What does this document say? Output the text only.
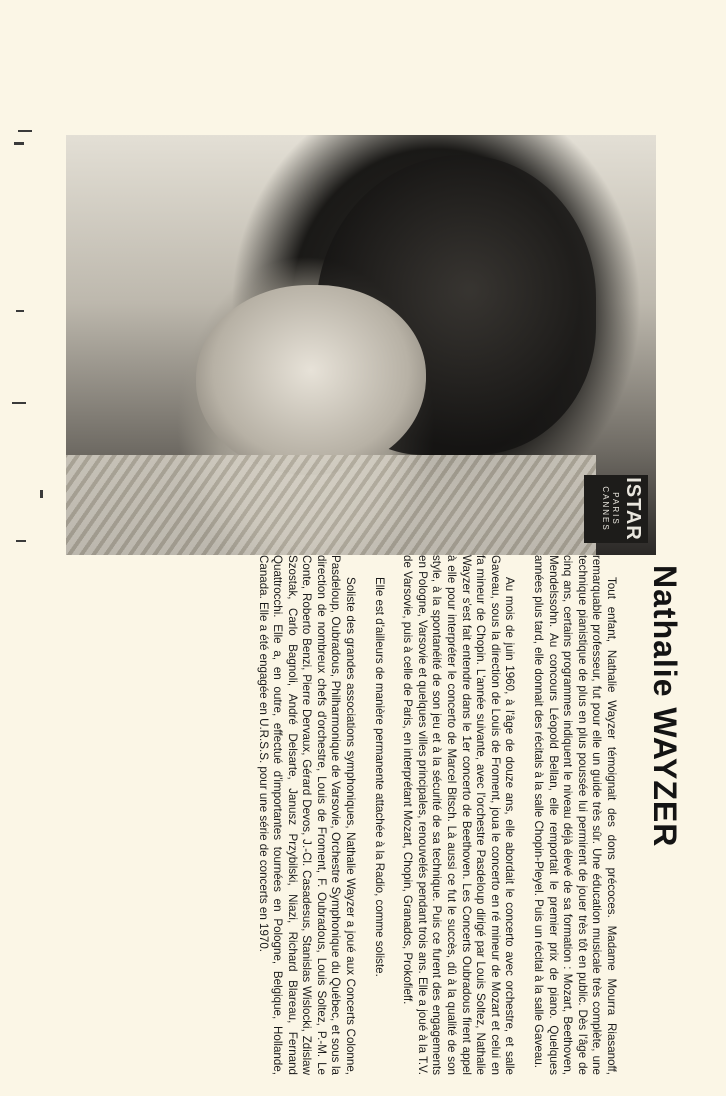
ISTAR
PARIS
CANNES
Nathalie WAYZER

Tout enfant, Nathalie Wayzer témoignait des dons précoces. Madame Mourra Riasanoff, remarquable professeur, fut pour elle un guide très sûr. Une éducation musicale très complète, une technique pianistique de plus en plus poussée lui permirent de jouer très tôt en public. Dès l'âge de cinq ans, certains programmes indiquent le niveau déjà élevé de sa formation : Mozart, Beethoven, Mendelssohn. Au concours Léopold Bellan, elle remportait le premier prix de piano. Quelques années plus tard, elle donnait des récitals à la salle Chopin-Pleyel. Puis un récital à la salle Gaveau.

Au mois de juin 1960, à l'âge de douze ans, elle abordait le concerto avec orchestre, et salle Gaveau, sous la direction de Louis de Froment, joua le concerto en ré mineur de Mozart et celui en fa mineur de Chopin. L'année suivante, avec l'orchestre Pasdeloup dirigé par Louis Soltez, Nathalie Wayzer s'est fait entendre dans le 1er concerto de Beethoven. Les Concerts Oubradous firent appel à elle pour interpréter le concerto de Marcel Bitsch. Là aussi ce fut le succès, dû à la qualité de son style, à la spontanéité de son jeu et à la sécurité de sa technique. Puis ce furent des engagements en Pologne, Varsovie et quelques villes principales, renouvelés pendant trois ans. Elle a joué à la T.V. de Varsovie, puis à celle de Paris, en interprétant Mozart, Chopin, Granados, Prokofieff.

Elle est d'ailleurs de manière permanente attachée à la Radio, comme soliste.

Soliste des grandes associations symphoniques, Nathalie Wayzer a joué aux Concerts Colonne, Pasdeloup, Oubradous, Philharmonique de Varsovie, Orchestre Symphonique du Québec, et sous la direction de nombreux chefs d'orchestre, Louis de Froment, F. Oubradous, Louis Soltez, P.-M. Le Conte, Roberto Benzi, Pierre Dervaux, Gérard Devos, J.-Cl. Casadesus, Stanislas Wislocki, Zdislaw Szostak, Carlo Bagnoli, André Delsarte, Janusz Przybilski, Niazi, Richard Blareau, Fernand Quattrocchi. Elle a, en outre, effectué d'importantes tournées en Pologne, Belgique, Hollande, Canada. Elle a été engagée en U.R.S.S. pour une série de concerts en 1970.
